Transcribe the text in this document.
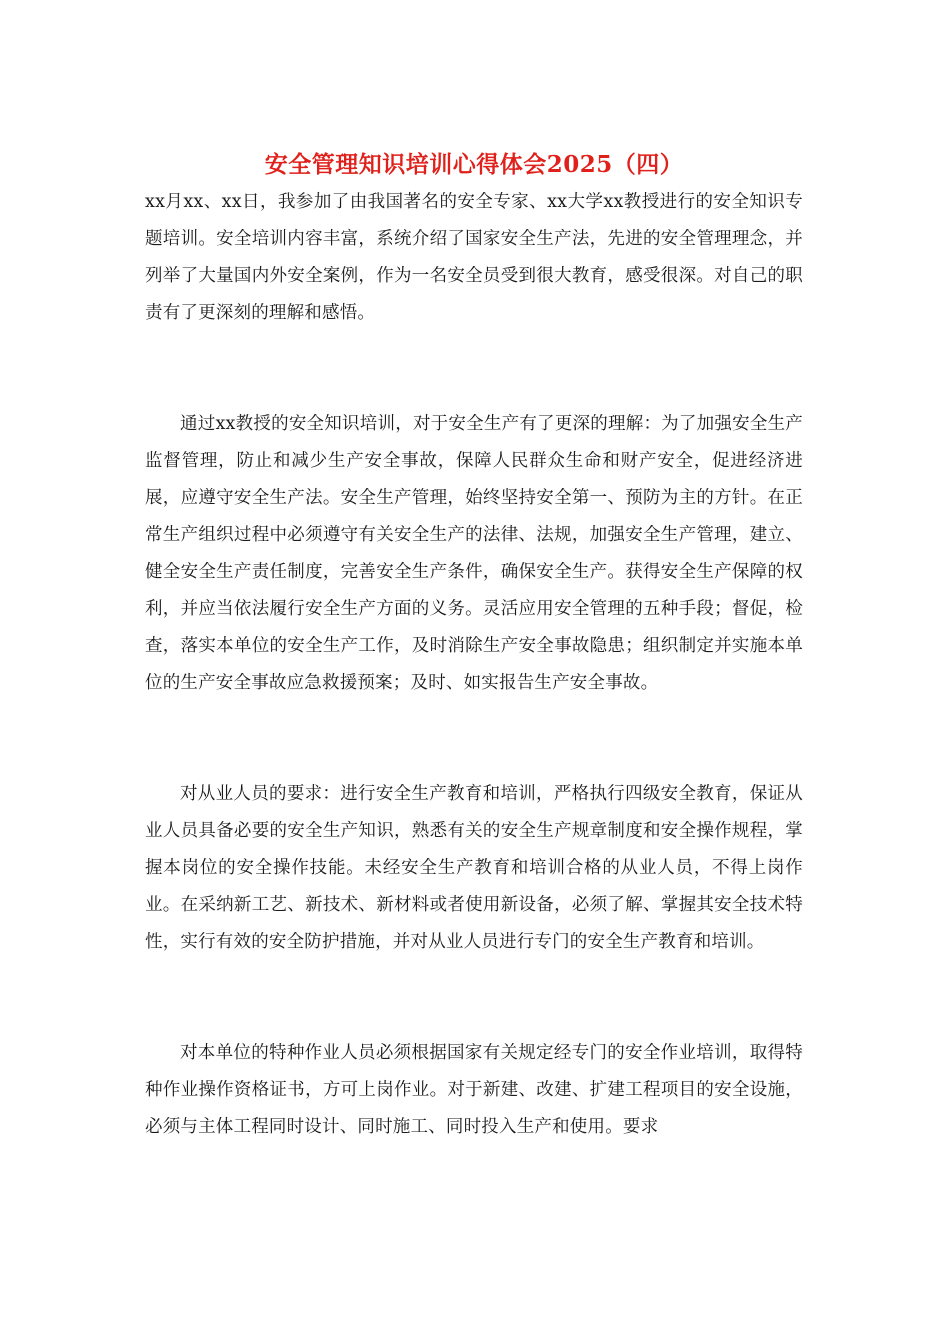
安全管理知识培训心得体会2025（四）

xx月xx、xx日，我参加了由我国著名的安全专家、xx大学xx教授进行的安全知识专题培训。安全培训内容丰富，系统介绍了国家安全生产法，先进的安全管理理念，并列举了大量国内外安全案例，作为一名安全员受到很大教育，感受很深。对自己的职责有了更深刻的理解和感悟。

通过xx教授的安全知识培训，对于安全生产有了更深的理解：为了加强安全生产监督管理，防止和减少生产安全事故，保障人民群众生命和财产安全，促进经济进展，应遵守安全生产法。安全生产管理，始终坚持安全第一、预防为主的方针。在正常生产组织过程中必须遵守有关安全生产的法律、法规，加强安全生产管理，建立、健全安全生产责任制度，完善安全生产条件，确保安全生产。获得安全生产保障的权利，并应当依法履行安全生产方面的义务。灵活应用安全管理的五种手段；督促，检查，落实本单位的安全生产工作，及时消除生产安全事故隐患；组织制定并实施本单位的生产安全事故应急救援预案；及时、如实报告生产安全事故。

对从业人员的要求：进行安全生产教育和培训，严格执行四级安全教育，保证从业人员具备必要的安全生产知识，熟悉有关的安全生产规章制度和安全操作规程，掌握本岗位的安全操作技能。未经安全生产教育和培训合格的从业人员，不得上岗作业。在采纳新工艺、新技术、新材料或者使用新设备，必须了解、掌握其安全技术特性，实行有效的安全防护措施，并对从业人员进行专门的安全生产教育和培训。

对本单位的特种作业人员必须根据国家有关规定经专门的安全作业培训，取得特种作业操作资格证书，方可上岗作业。对于新建、改建、扩建工程项目的安全设施，必须与主体工程同时设计、同时施工、同时投入生产和使用。要求
